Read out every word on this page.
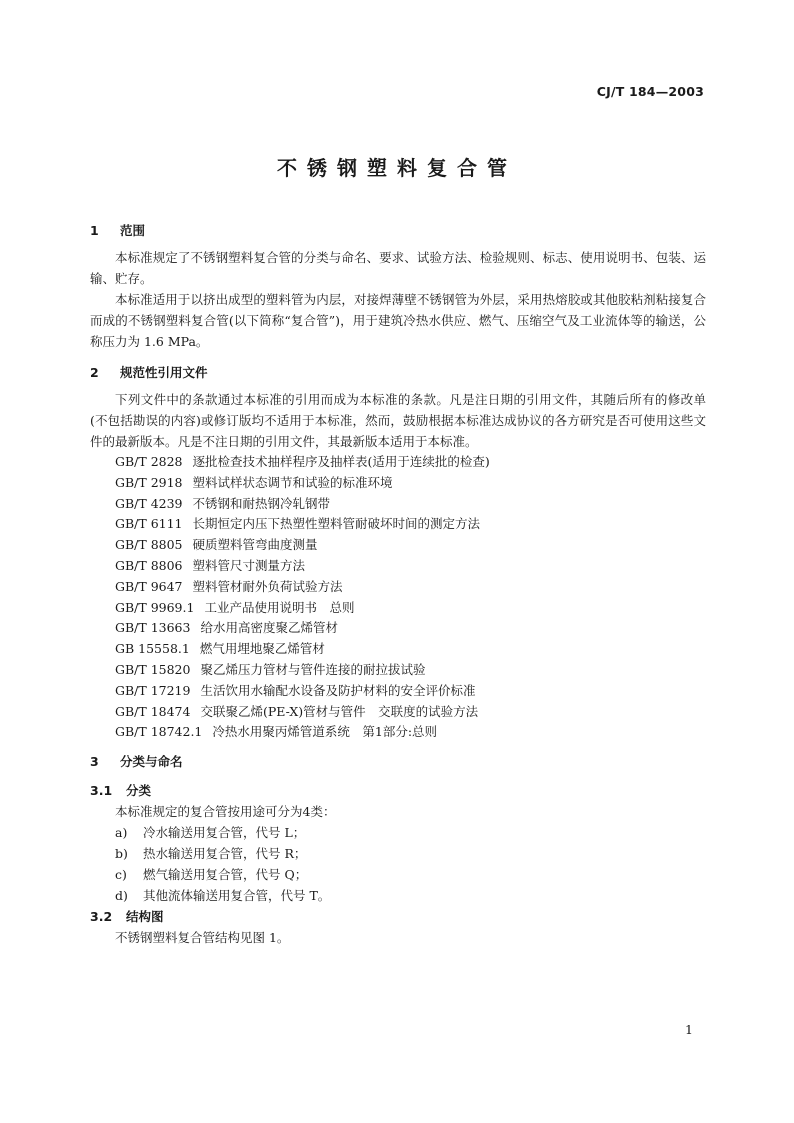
CJ/T 184—2003
不锈钢塑料复合管
1 范围

本标准规定了不锈钢塑料复合管的分类与命名、要求、试验方法、检验规则、标志、使用说明书、包装、运输、贮存。

本标准适用于以挤出成型的塑料管为内层，对接焊薄壁不锈钢管为外层，采用热熔胶或其他胶粘剂粘接复合而成的不锈钢塑料复合管(以下简称“复合管”)，用于建筑冷热水供应、燃气、压缩空气及工业流体等的输送，公称压力为 1.6 MPa。

2 规范性引用文件

下列文件中的条款通过本标准的引用而成为本标准的条款。凡是注日期的引用文件，其随后所有的修改单(不包括勘误的内容)或修订版均不适用于本标准，然而，鼓励根据本标准达成协议的各方研究是否可使用这些文件的最新版本。凡是不注日期的引用文件，其最新版本适用于本标准。

GB/T 2828 逐批检查技术抽样程序及抽样表(适用于连续批的检查)
GB/T 2918 塑料试样状态调节和试验的标准环境
GB/T 4239 不锈钢和耐热钢冷轧钢带
GB/T 6111 长期恒定内压下热塑性塑料管耐破坏时间的测定方法
GB/T 8805 硬质塑料管弯曲度测量
GB/T 8806 塑料管尺寸测量方法
GB/T 9647 塑料管材耐外负荷试验方法
GB/T 9969.1 工业产品使用说明书　总则
GB/T 13663 给水用高密度聚乙烯管材
GB 15558.1 燃气用埋地聚乙烯管材
GB/T 15820 聚乙烯压力管材与管件连接的耐拉拔试验
GB/T 17219 生活饮用水输配水设备及防护材料的安全评价标准
GB/T 18474 交联聚乙烯(PE-X)管材与管件　交联度的试验方法
GB/T 18742.1 冷热水用聚丙烯管道系统　第1部分:总则
3 分类与命名
3.1 分类
本标准规定的复合管按用途可分为4类：
a) 冷水输送用复合管，代号 L；
b) 热水输送用复合管，代号 R；
c) 燃气输送用复合管，代号 Q；
d) 其他流体输送用复合管，代号 T。
3.2 结构图
不锈钢塑料复合管结构见图 1。
1
